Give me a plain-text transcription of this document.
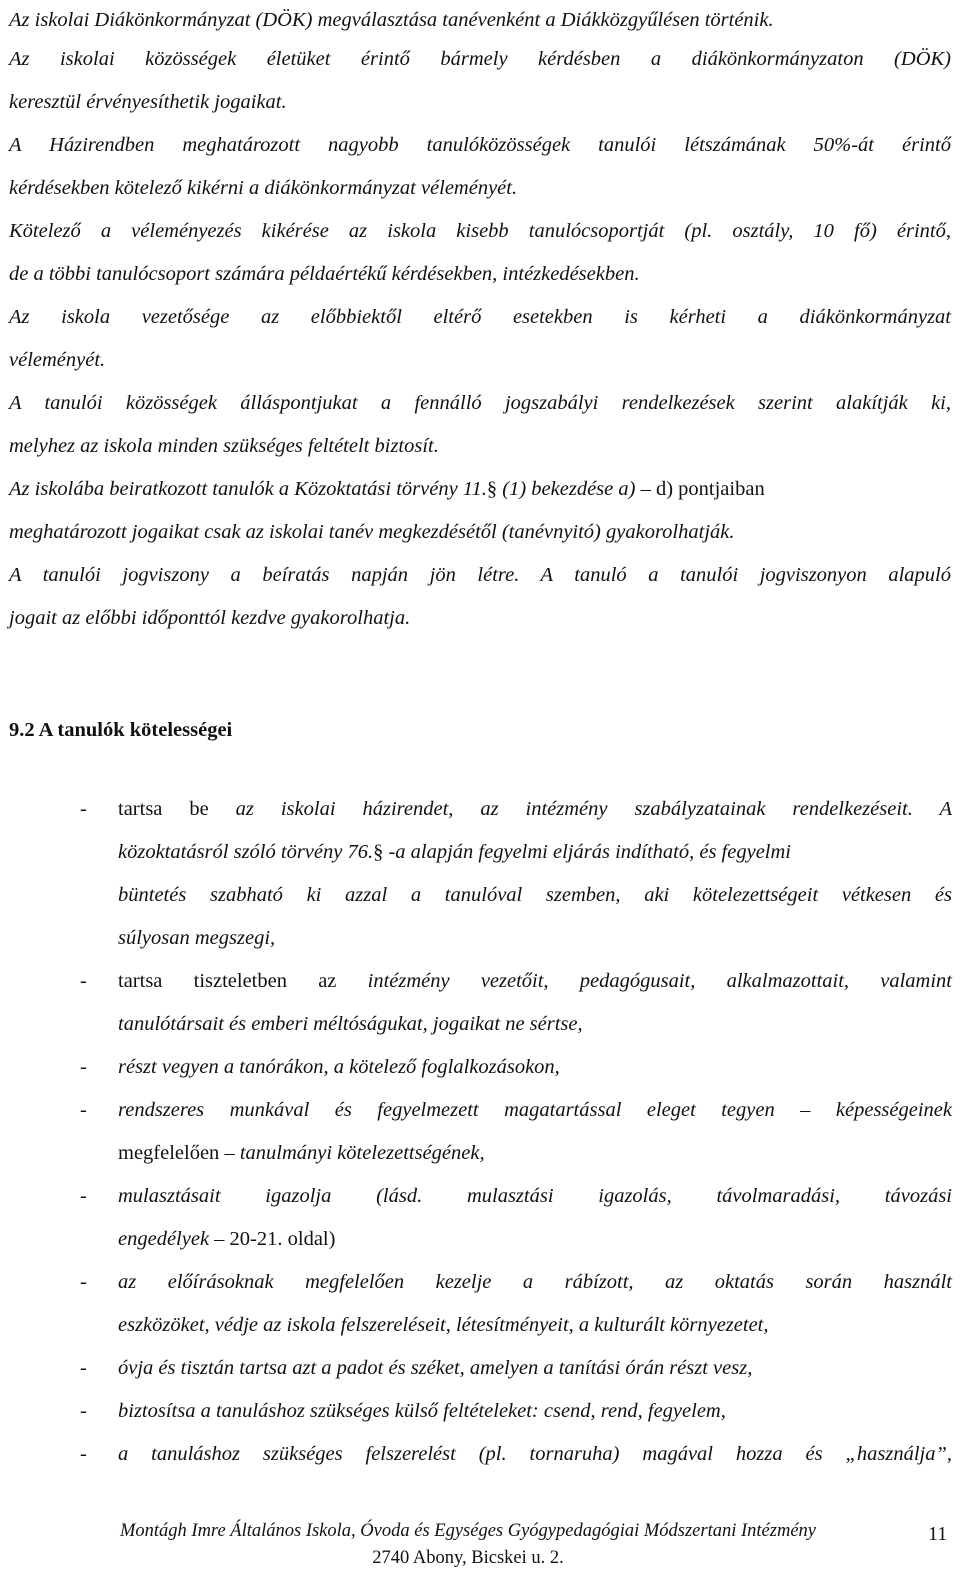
Az iskolai Diákönkormányzat (DÖK) megválasztása tanévenként a Diákközgyűlésen történik.
Az iskolai közösségek életüket érintő bármely kérdésben a diákönkormányzaton (DÖK)
keresztül érvényesíthetik jogaikat.
A Házirendben meghatározott nagyobb tanulóközösségek tanulói létszámának 50%-át érintő
kérdésekben kötelező kikérni a diákönkormányzat véleményét.
Kötelező a véleményezés kikérése az iskola kisebb tanulócsoportját (pl. osztály, 10 fő) érintő,
de a többi tanulócsoport számára példaértékű kérdésekben, intézkedésekben.
Az iskola vezetősége az előbbiektől eltérő esetekben is kérheti a diákönkormányzat
véleményét.
A tanulói közösségek álláspontjukat a fennálló jogszabályi rendelkezések szerint alakítják ki,
melyhez az iskola minden szükséges feltételt biztosít.
Az iskolába beiratkozott tanulók a Közoktatási törvény 11.§ (1) bekezdése a) – d) pontjaiban
meghatározott jogaikat csak az iskolai tanév megkezdésétől (tanévnyitó) gyakorolhatják.
A tanulói jogviszony a beíratás napján jön létre. A tanuló a tanulói jogviszonyon alapuló
jogait az előbbi időponttól kezdve gyakorolhatja.
9.2 A tanulók kötelességei
- tartsa be az iskolai házirendet, az intézmény szabályzatainak rendelkezéseit. A
közoktatásról szóló törvény 76.§ -a alapján fegyelmi eljárás indítható, és fegyelmi
büntetés szabható ki azzal a tanulóval szemben, aki kötelezettségeit vétkesen és
súlyosan megszegi,
- tartsa tiszteletben az intézmény vezetőit, pedagógusait, alkalmazottait, valamint
tanulótársait és emberi méltóságukat, jogaikat ne sértse,
- részt vegyen a tanórákon, a kötelező foglalkozásokon,
- rendszeres munkával és fegyelmezett magatartással eleget tegyen – képességeinek
megfelelően – tanulmányi kötelezettségének,
- mulasztásait igazolja (lásd. mulasztási igazolás, távolmaradási, távozási
engedélyek – 20-21. oldal)
- az előírásoknak megfelelően kezelje a rábízott, az oktatás során használt
eszközöket, védje az iskola felszereléseit, létesítményeit, a kulturált környezetet,
- óvja és tisztán tartsa azt a padot és széket, amelyen a tanítási órán részt vesz,
- biztosítsa a tanuláshoz szükséges külső feltételeket: csend, rend, fegyelem,
- a tanuláshoz szükséges felszerelést (pl. tornaruha) magával hozza és „használja”,
Montágh Imre Általános Iskola, Óvoda és Egységes Gyógypedagógiai Módszertani Intézmény
2740 Abony, Bicskei u. 2.
11
